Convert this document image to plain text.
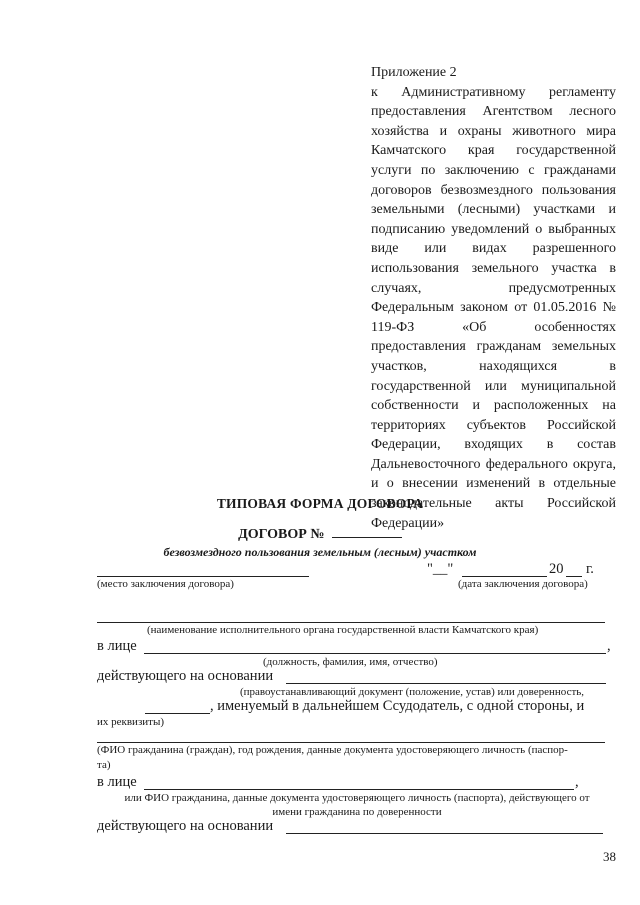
Приложение 2
к Административному регламенту предоставления Агентством лесного хозяйства и охраны животного мира Камчатского края государственной услуги по заключению с гражданами договоров безвозмездного пользования земельными (лесными) участками и подписанию уведомлений о выбранных виде или видах разрешенного использования земельного участка в случаях, предусмотренных Федеральным законом от 01.05.2016 № 119-ФЗ «Об особенностях предоставления гражданам земельных участков, находящихся в государственной или муниципальной собственности и расположенных на территориях субъектов Российской Федерации, входящих в состав Дальневосточного федерального округа, и о внесении изменений в отдельные законодательные акты Российской Федерации»
ТИПОВАЯ ФОРМА ДОГОВОРА
ДОГОВОР №
безвозмездного пользования земельным (лесным) участком
"__"	20 г.
(место заключения договора)	(дата заключения договора)
(наименование исполнительного органа государственной власти Камчатского края)
в лице	,
(должность, фамилия, имя, отчество)
действующего на основании
(правоустанавливающий документ (положение, устав) или доверенность,
, именуемый в дальнейшем Ссудодатель, с одной стороны, и
их реквизиты)
(ФИО гражданина (граждан), год рождения, данные документа удостоверяющего личность (паспор-
та)
в лице	,
или ФИО гражданина, данные документа удостоверяющего личность (паспорта), действующего от
имени гражданина по доверенности
действующего на основании
38
